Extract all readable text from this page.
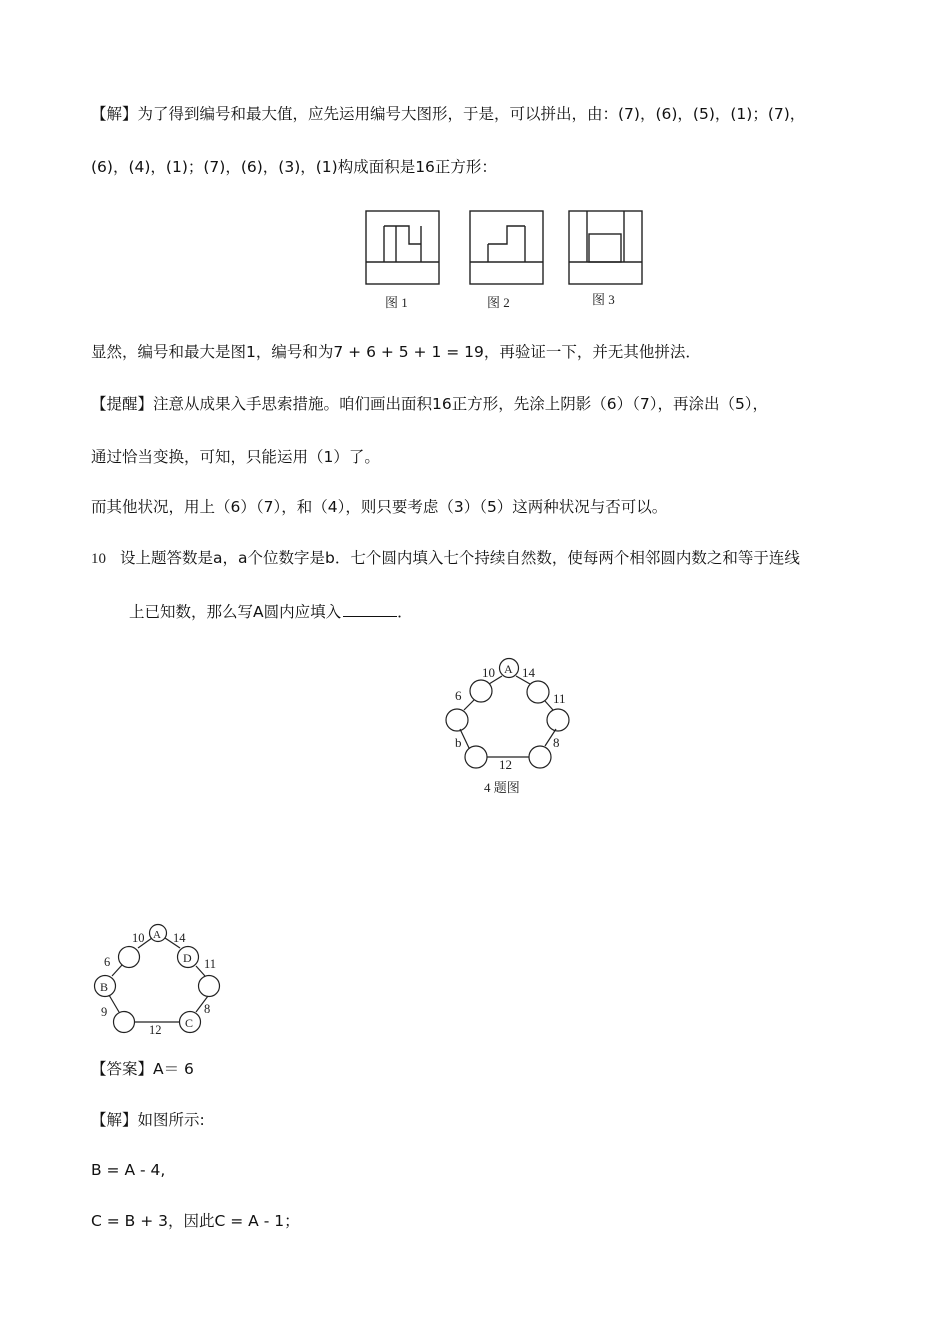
【解】为了得到编号和最大值，应先运用编号大图形，于是，可以拼出，由：(7)，(6)，(5)，(1)；(7)，
(6)，(4)，(1)；(7)，(6)，(3)，(1)构成面积是16正方形：
图 1	图 2	图 3
显然，编号和最大是图1，编号和为7 + 6 + 5 + 1 = 19，再验证一下，并无其他拼法．
【提醒】注意从成果入手思索措施。咱们画出面积16正方形，先涂上阴影（6）（7），再涂出（5），
通过恰当变换，可知，只能运用（1）了。
而其他状况，用上（6）（7），和（4），则只要考虑（3）（5）这两种状况与否可以。
10 设上题答数是a，a个位数字是b．七个圆内填入七个持续自然数，使每两个相邻圆内数之和等于连线
上已知数，那么写A圆内应填入	．
A
10 14
6	11
b	8
12
4 题图
A
D
B
C
10 14
6	11
9	8
12
【答案】A＝ 6
【解】如图所示:
B = A - 4,
C = B + 3，因此C = A - 1；
